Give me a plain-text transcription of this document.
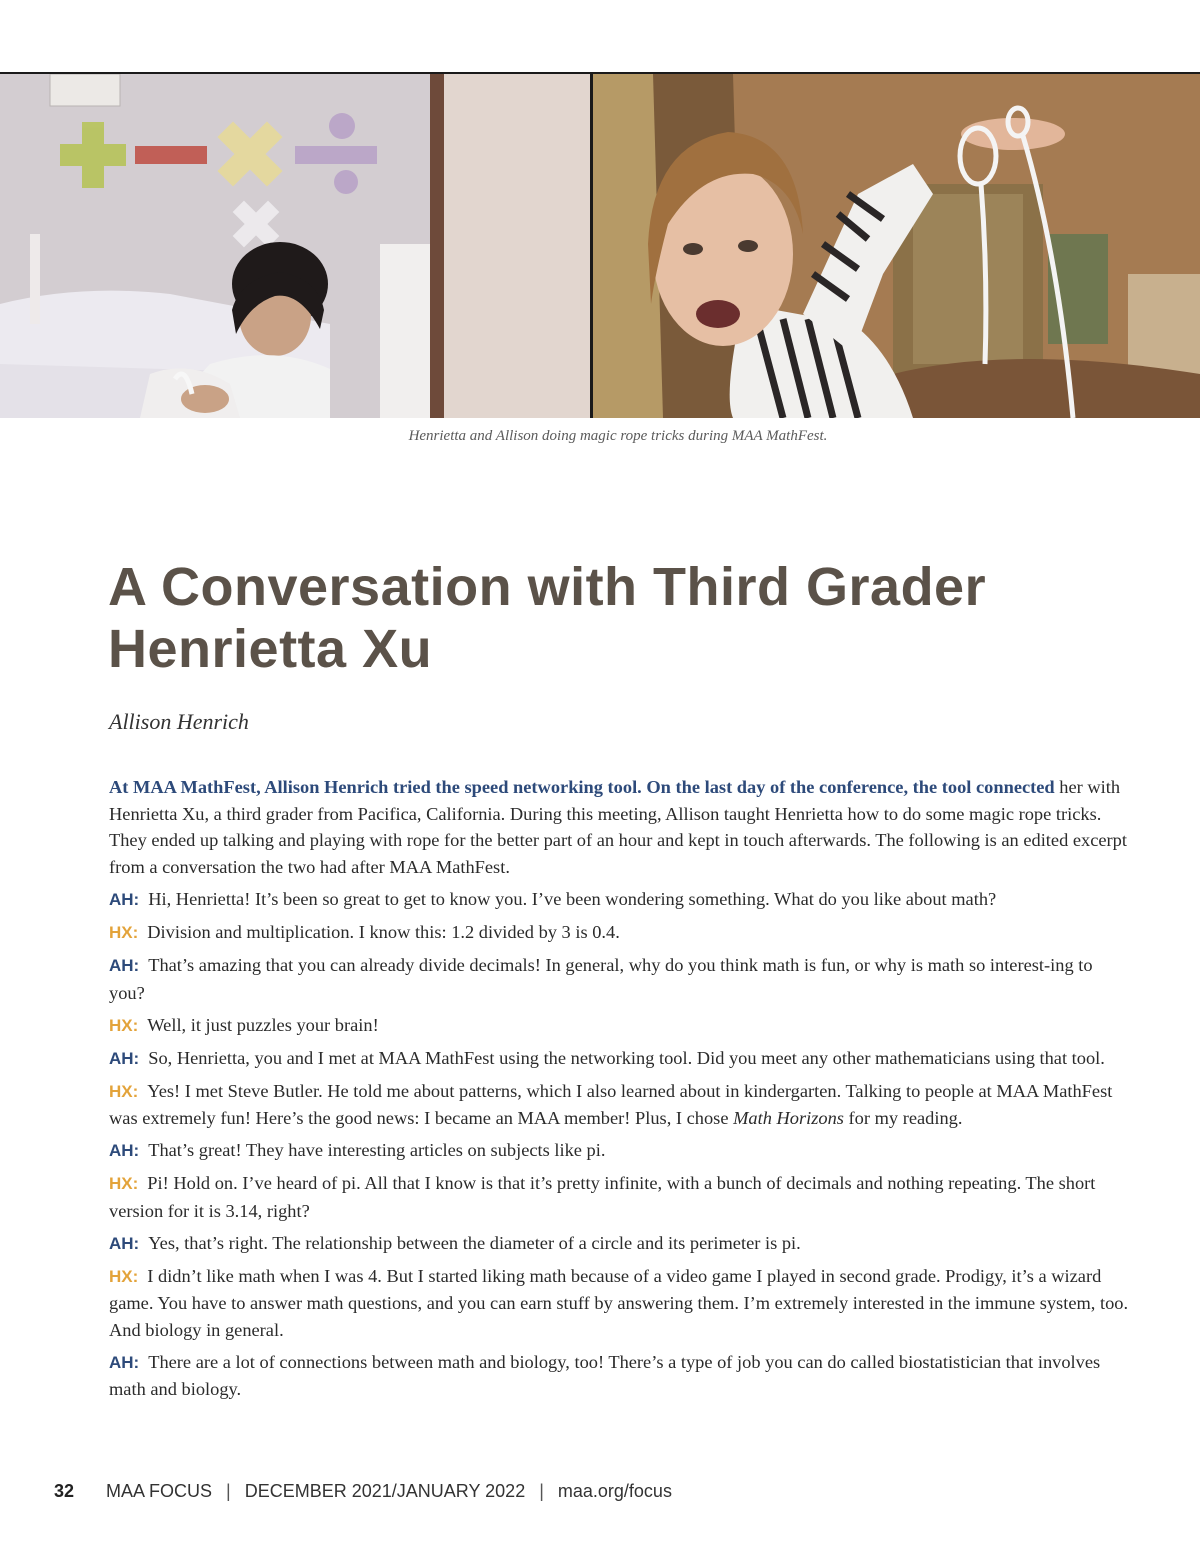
Henrietta and Allison doing magic rope tricks during MAA MathFest.
A Conversation with Third Grader
Henrietta Xu
Allison Henrich

At MAA MathFest, Allison Henrich tried the speed networking tool. On the last day of the conference, the tool connected her with Henrietta Xu, a third grader from Pacifica, California. During this meeting, Allison taught Henrietta how to do some magic rope tricks. They ended up talking and playing with rope for the better part of an hour and kept in touch afterwards. The following is an edited excerpt from a conversation the two had after MAA MathFest.

AH: Hi, Henrietta! It’s been so great to get to know you. I’ve been wondering something. What do you like about math?

HX: Division and multiplication. I know this: 1.2 divided by 3 is 0.4.

AH: That’s amazing that you can already divide decimals! In general, why do you think math is fun, or why is math so interest-ing to you?

HX: Well, it just puzzles your brain!

AH: So, Henrietta, you and I met at MAA MathFest using the networking tool. Did you meet any other mathematicians using that tool.

HX: Yes! I met Steve Butler. He told me about patterns, which I also learned about in kindergarten. Talking to people at MAA MathFest was extremely fun! Here’s the good news: I became an MAA member! Plus, I chose Math Horizons for my reading.

AH: That’s great! They have interesting articles on subjects like pi.

HX: Pi! Hold on. I’ve heard of pi. All that I know is that it’s pretty infinite, with a bunch of decimals and nothing repeating. The short version for it is 3.14, right?

AH: Yes, that’s right. The relationship between the diameter of a circle and its perimeter is pi.

HX: I didn’t like math when I was 4. But I started liking math because of a video game I played in second grade. Prodigy, it’s a wizard game. You have to answer math questions, and you can earn stuff by answering them. I’m extremely interested in the immune system, too. And biology in general.

AH: There are a lot of connections between math and biology, too! There’s a type of job you can do called biostatistician that involves math and biology.

32 MAA FOCUS | DECEMBER 2021/JANUARY 2022 | maa.org/focus
